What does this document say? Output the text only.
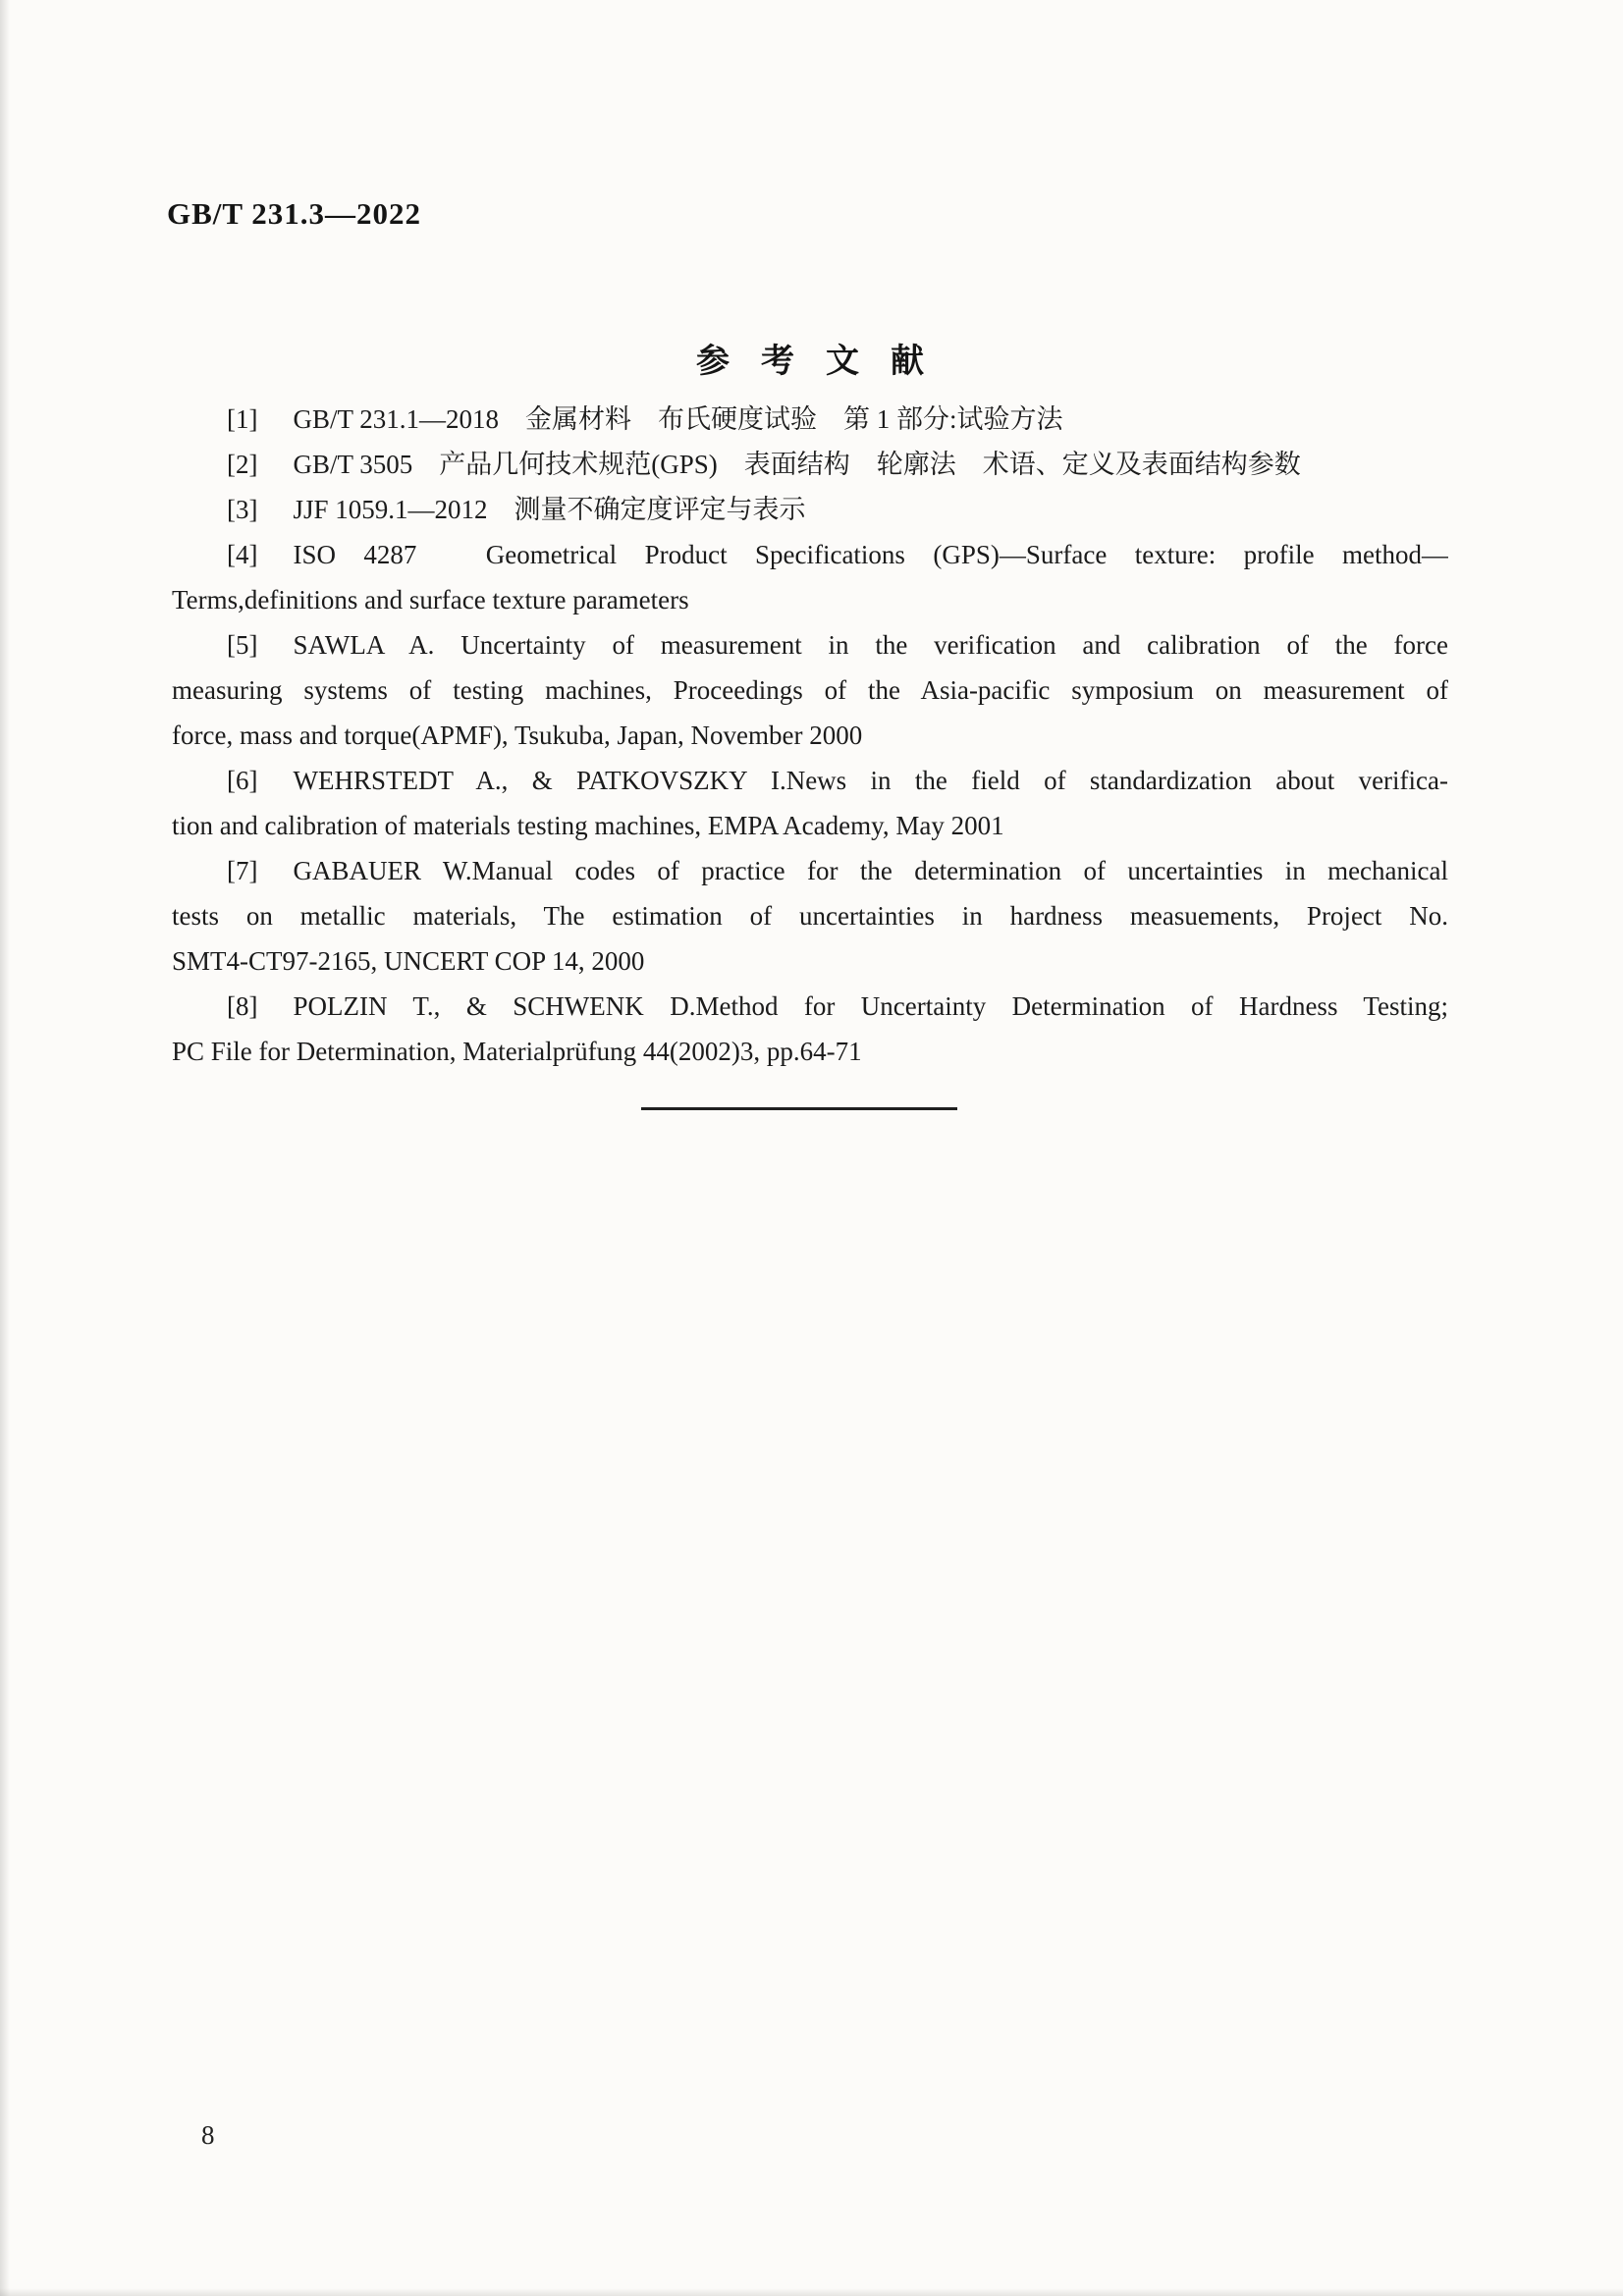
GB/T 231.3—2022
参考文献
[1] GB/T 231.1—2018　金属材料　布氏硬度试验　第 1 部分:试验方法
[2] GB/T 3505　产品几何技术规范(GPS)　表面结构　轮廓法　术语、定义及表面结构参数
[3] JJF 1059.1—2012　测量不确定度评定与表示
[4] ISO 4287　Geometrical Product Specifications (GPS)—Surface texture: profile method—
Terms,definitions and surface texture parameters
[5] SAWLA A. Uncertainty of measurement in the verification and calibration of the force
measuring systems of testing machines, Proceedings of the Asia-pacific symposium on measurement of
force, mass and torque(APMF), Tsukuba, Japan, November 2000
[6] WEHRSTEDT A., & PATKOVSZKY I.News in the field of standardization about verifica-
tion and calibration of materials testing machines, EMPA Academy, May 2001
[7] GABAUER W.Manual codes of practice for the determination of uncertainties in mechanical
tests on metallic materials, The estimation of uncertainties in hardness measuements, Project No.
SMT4-CT97-2165, UNCERT COP 14, 2000
[8] POLZIN T., & SCHWENK D.Method for Uncertainty Determination of Hardness Testing;
PC File for Determination, Materialprüfung 44(2002)3, pp.64-71
8
